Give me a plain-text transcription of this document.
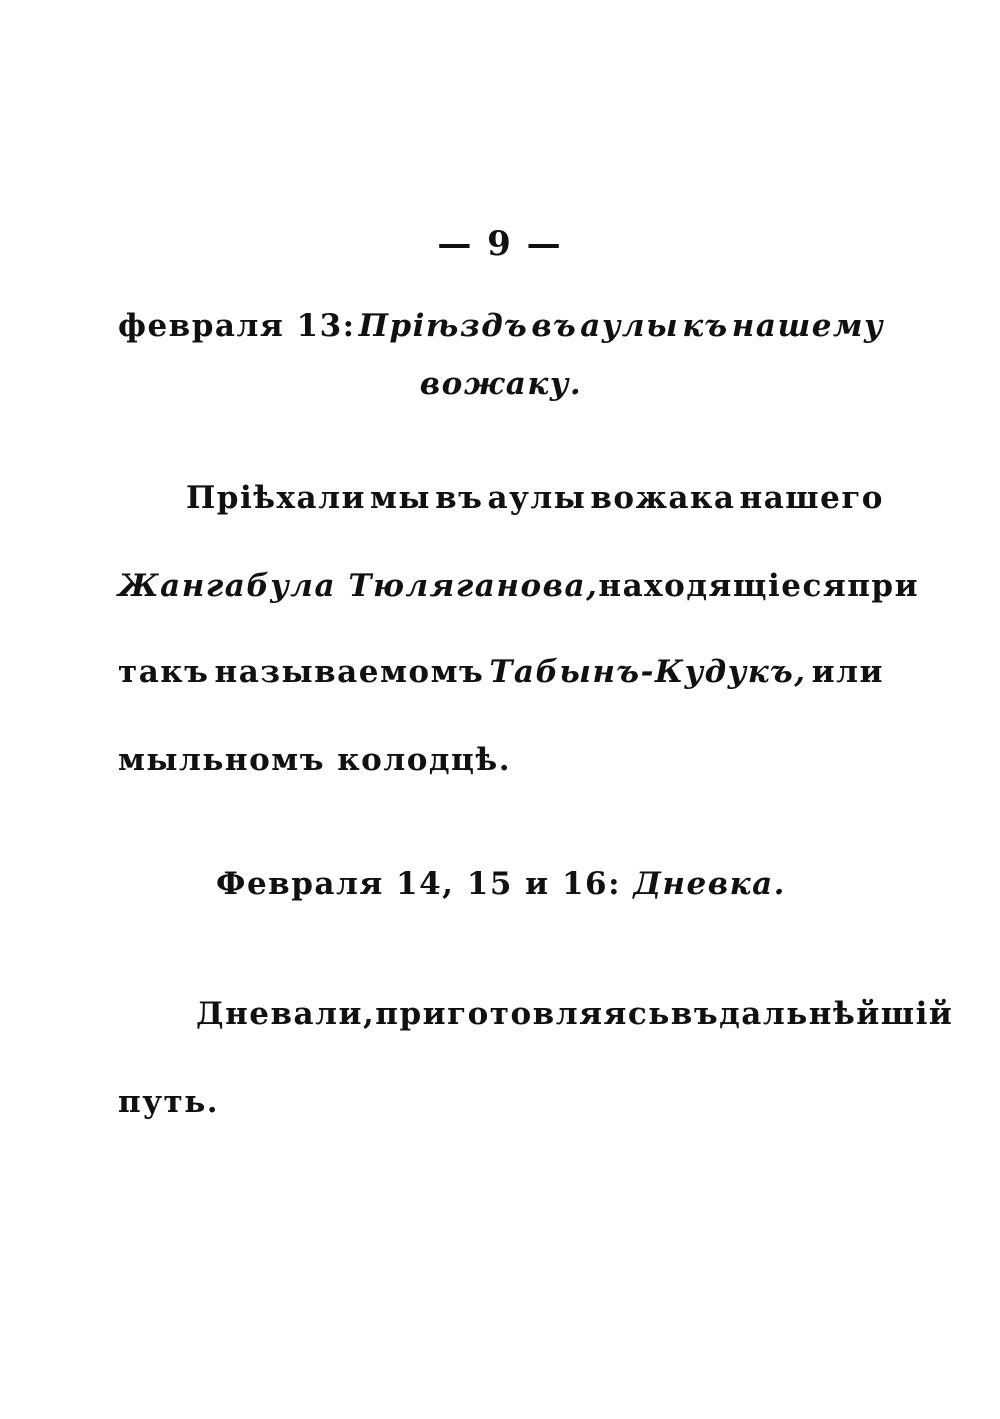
— 9 —
февраля 13: Пріѣздъ въ аулы къ нашему
вожаку.
Пріѣхали мы въ аулы вожака нашего
Жангабула Тюляганова, находящіеся при
такъ называемомъ Табынъ-Кудукъ, или
мыльномъ колодцѣ.
Февраля 14, 15 и 16: Дневка.
Дневали, приготовляясь въ дальнѣйшій
путь.
